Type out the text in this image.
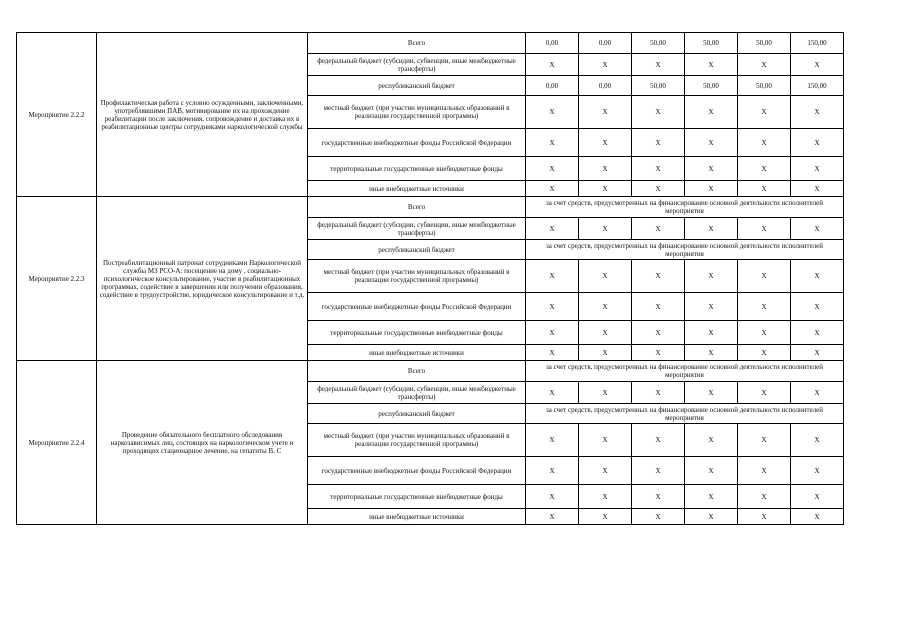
Мероприятие 2.2.2	Профилактическая работа с условно осужденными, заключенными, употреблявшими ПАВ, мотивирование их на прохождение реабилитации после заключения, сопровождение и доставка их в реабилитационные центры сотрудниками наркологической службы	Всего	0,00	0,00	50,00	50,00	50,00	150,00
		федеральный бюджет (субсидии, субвенции, иные межбюджетные трансферты)	X	X	X	X	X	X
		республиканский бюджет	0,00	0,00	50,00	50,00	50,00	150,00
		местный бюджет (при участии муниципальных образований в реализации государственной программы)	X	X	X	X	X	X
		государственные внебюджетные фонды Российской Федерации	X	X	X	X	X	X
		территориальные государственные внебюджетные фонды	X	X	X	X	X	X
		иные внебюджетные источники	X	X	X	X	X	X
Мероприятие 2.2.3	Постреабилитационный патронат сотрудниками Наркологической службы МЗ РСО-А: посещение на дому , социально- психологическое консультирование, участие в реабилитационных программах, содействие в завершении или получении образования, содействие в трудоустройстве, юридическое консультирование и т.д.	Всего	за счет средств, предусмотренных на финансирование основной деятельности исполнителей мероприятия					
		федеральный бюджет (субсидии, субвенции, иные межбюджетные трансферты)	X	X	X	X	X	X
		республиканский бюджет	за счет средств, предусмотренных на финансирование основной деятельности исполнителей мероприятия					
		местный бюджет (при участии муниципальных образований в реализации государственной программы)	X	X	X	X	X	X
		государственные внебюджетные фонды Российской Федерации	X	X	X	X	X	X
		территориальные государственные внебюджетные фонды	X	X	X	X	X	X
		иные внебюджетные источники	X	X	X	X	X	X
Мероприятие 2.2.4	Проведение обязательного бесплатного обследования наркозависимых лиц, состоящих на наркологическом учете и проходящих стационарное лечение, на гепатиты В, С	Всего	за счет средств, предусмотренных на финансирование основной деятельности исполнителей мероприятия					
		федеральный бюджет (субсидии, субвенции, иные межбюджетные трансферты)	X	X	X	X	X	X
		республиканский бюджет	за счет средств, предусмотренных на финансирование основной деятельности исполнителей мероприятия					
		местный бюджет (при участии муниципальных образований в реализации государственной программы)	X	X	X	X	X	X
		государственные внебюджетные фонды Российской Федерации	X	X	X	X	X	X
		территориальные государственные внебюджетные фонды	X	X	X	X	X	X
		иные внебюджетные источники	X	X	X	X	X	X
